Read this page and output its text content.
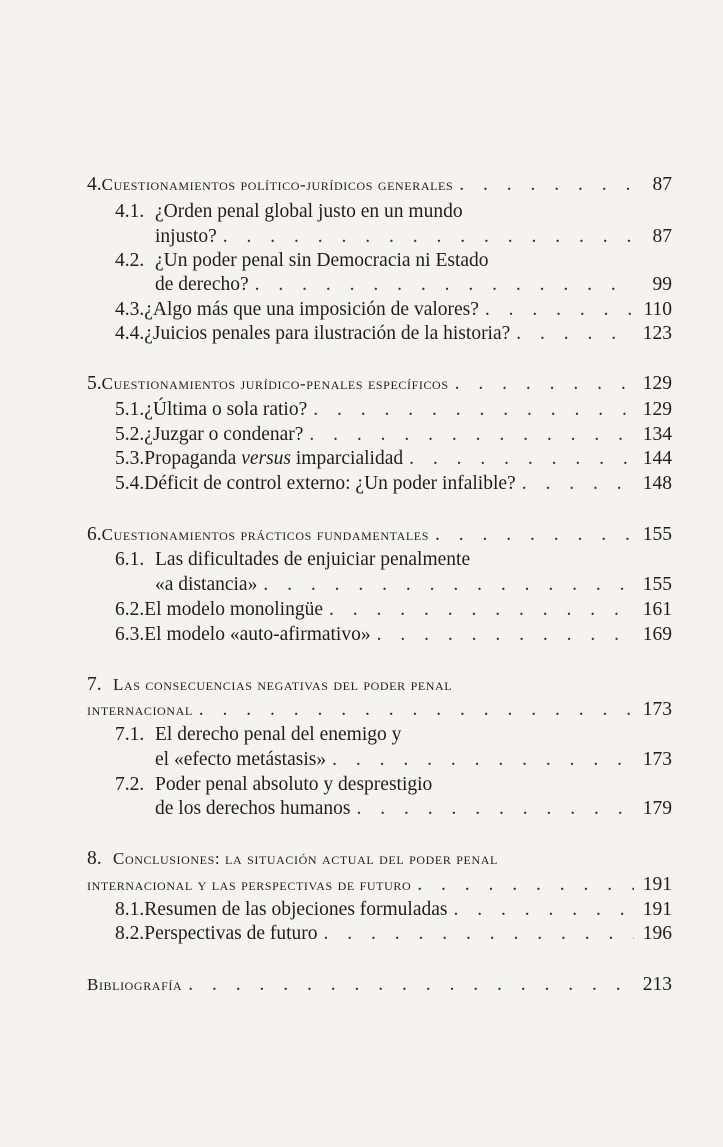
4. Cuestionamientos político-jurídicos generales . . .	87
4.1. ¿Orden penal global justo en un mundo
injusto? . . .	87
4.2. ¿Un poder penal sin Democracia ni Estado
de derecho? . . .	99
4.3. ¿Algo más que una imposición de valores? . . .	110
4.4. ¿Juicios penales para ilustración de la historia? . . .	123
5. Cuestionamientos jurídico-penales específicos . . .	129
5.1. ¿Última o sola ratio? . . .	129
5.2. ¿Juzgar o condenar? . . .	134
5.3. Propaganda versus imparcialidad . . .	144
5.4. Déficit de control externo: ¿Un poder infalible? . . .	148
6. Cuestionamientos prácticos fundamentales . . .	155
6.1. Las dificultades de enjuiciar penalmente
«a distancia» . . .	155
6.2. El modelo monolingüe . . .	161
6.3. El modelo «auto-afirmativo» . . .	169
7. Las consecuencias negativas del poder penal
internacional . . .	173
7.1. El derecho penal del enemigo y
el «efecto metástasis» . . .	173
7.2. Poder penal absoluto y desprestigio
de los derechos humanos . . .	179
8. Conclusiones: la situación actual del poder penal
internacional y las perspectivas de futuro . . .	191
8.1. Resumen de las objeciones formuladas . . .	191
8.2. Perspectivas de futuro . . .	196
Bibliografía . . .	213
